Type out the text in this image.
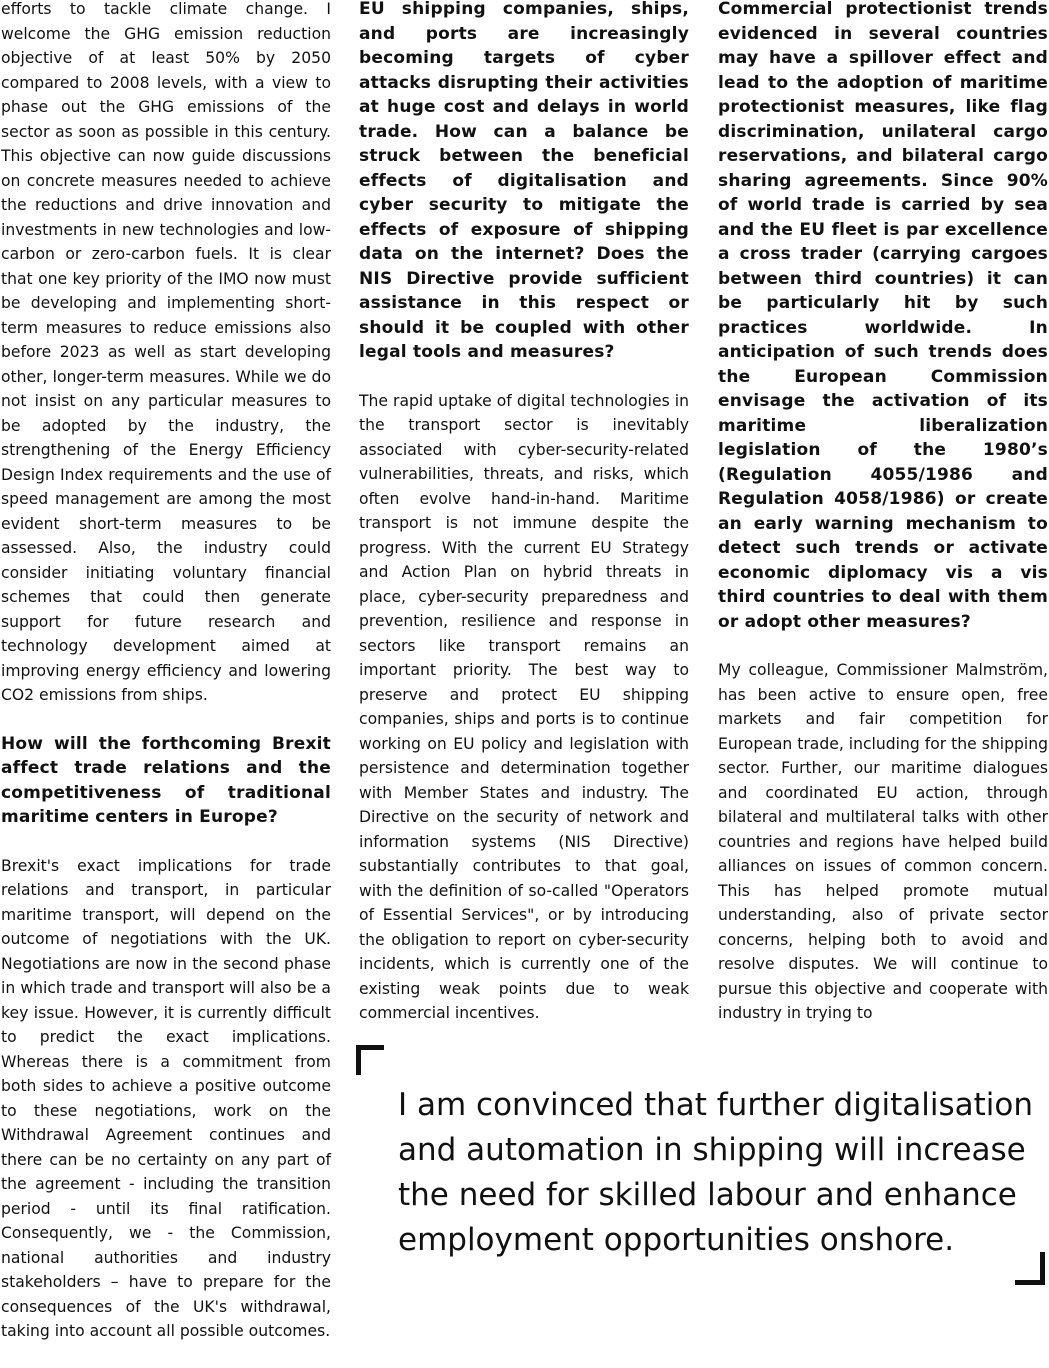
efforts to tackle climate change. I welcome the GHG emission reduction objective of at least 50% by 2050 compared to 2008 levels, with a view to phase out the GHG emissions of the sector as soon as possible in this century. This objective can now guide discussions on concrete measures needed to achieve the reductions and drive innovation and investments in new technologies and low-carbon or zero-carbon fuels. It is clear that one key priority of the IMO now must be developing and implementing short-term measures to reduce emissions also before 2023 as well as start developing other, longer-term measures. While we do not insist on any particular measures to be adopted by the industry, the strengthening of the Energy Efficiency Design Index requirements and the use of speed management are among the most evident short-term measures to be assessed. Also, the industry could consider initiating voluntary financial schemes that could then generate support for future research and technology development aimed at improving energy efficiency and lowering CO2 emissions from ships.

How will the forthcoming Brexit affect trade relations and the competitiveness of traditional maritime centers in Europe?

Brexit's exact implications for trade relations and transport, in particular maritime transport, will depend on the outcome of negotiations with the UK. Negotiations are now in the second phase in which trade and transport will also be a key issue. However, it is currently difficult to predict the exact implications. Whereas there is a commitment from both sides to achieve a positive outcome to these negotiations, work on the Withdrawal Agreement continues and there can be no certainty on any part of the agreement - including the transition period - until its final ratification. Consequently, we - the Commission, national authorities and industry stakeholders – have to prepare for the consequences of the UK's withdrawal, taking into account all possible outcomes.

EU shipping companies, ships, and ports are increasingly becoming targets of cyber attacks disrupting their activities at huge cost and delays in world trade. How can a balance be struck between the beneficial effects of digitalisation and cyber security to mitigate the effects of exposure of shipping data on the internet? Does the NIS Directive provide sufficient assistance in this respect or should it be coupled with other legal tools and measures?

The rapid uptake of digital technologies in the transport sector is inevitably associated with cyber-security-related vulnerabilities, threats, and risks, which often evolve hand-in-hand. Maritime transport is not immune despite the progress. With the current EU Strategy and Action Plan on hybrid threats in place, cyber-security preparedness and prevention, resilience and response in sectors like transport remains an important priority. The best way to preserve and protect EU shipping companies, ships and ports is to continue working on EU policy and legislation with persistence and determination together with Member States and industry. The Directive on the security of network and information systems (NIS Directive) substantially contributes to that goal, with the definition of so-called "Operators of Essential Services", or by introducing the obligation to report on cyber-security incidents, which is currently one of the existing weak points due to weak commercial incentives.

Commercial protectionist trends evidenced in several countries may have a spillover effect and lead to the adoption of maritime protectionist measures, like flag discrimination, unilateral cargo reservations, and bilateral cargo sharing agreements. Since 90% of world trade is carried by sea and the EU fleet is par excellence a cross trader (carrying cargoes between third countries) it can be particularly hit by such practices worldwide. In anticipation of such trends does the European Commission envisage the activation of its maritime liberalization legislation of the 1980’s (Regulation 4055/1986 and Regulation 4058/1986) or create an early warning mechanism to detect such trends or activate economic diplomacy vis a vis third countries to deal with them or adopt other measures?

My colleague, Commissioner Malmström, has been active to ensure open, free markets and fair competition for European trade, including for the shipping sector. Further, our maritime dialogues and coordinated EU action, through bilateral and multilateral talks with other countries and regions have helped build alliances on issues of common concern. This has helped promote mutual understanding, also of private sector concerns, helping both to avoid and resolve disputes. We will continue to pursue this objective and cooperate with industry in trying to

I am convinced that further digitalisation and automation in shipping will increase the need for skilled labour and enhance employment opportunities onshore.
